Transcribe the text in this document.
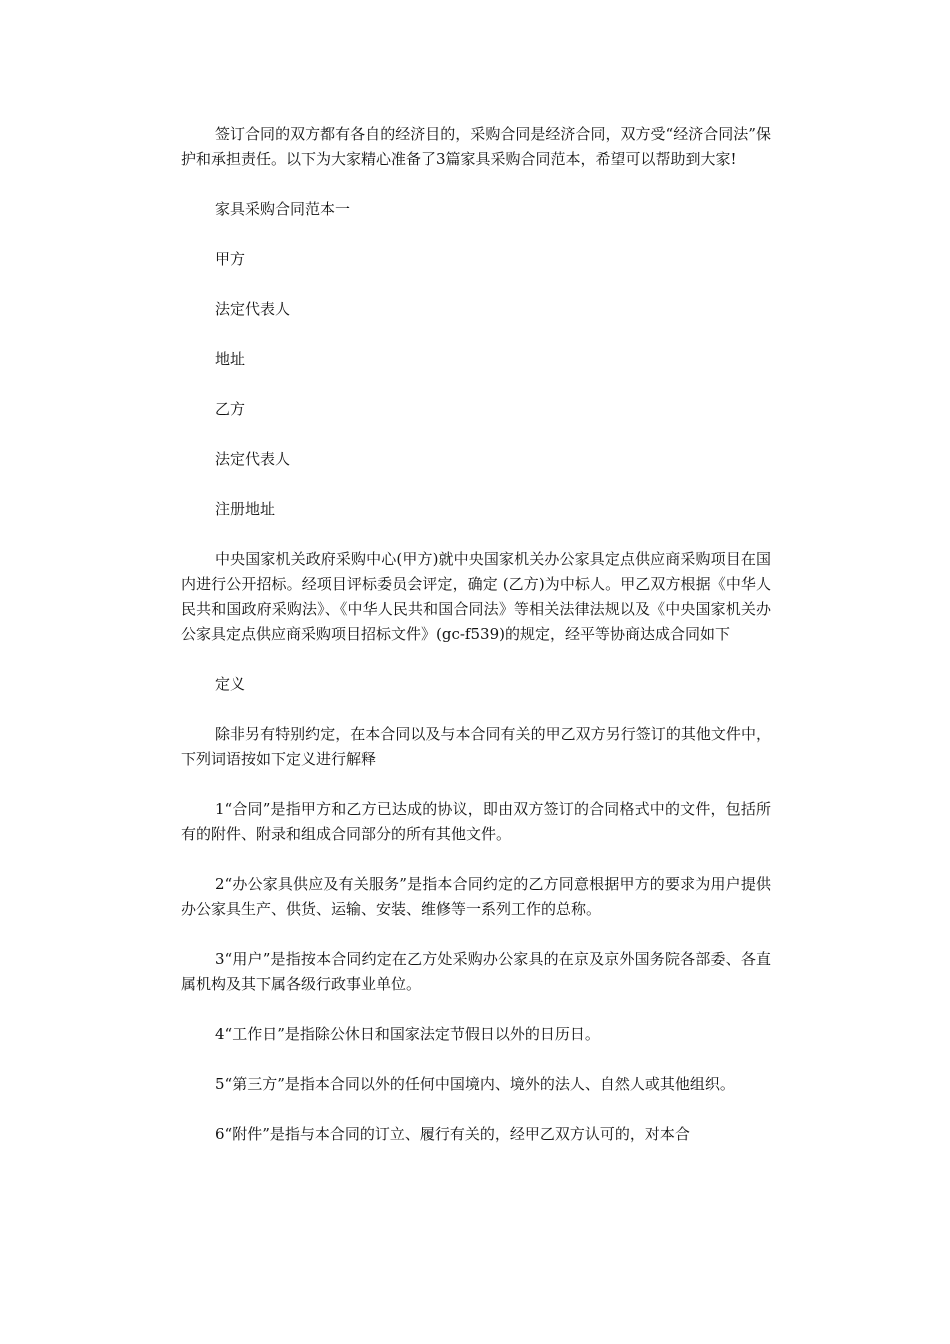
签订合同的双方都有各自的经济目的，采购合同是经济合同，双方受“经济合同法”保护和承担责任。以下为大家精心准备了3篇家具采购合同范本，希望可以帮助到大家!

家具采购合同范本一

甲方

法定代表人

地址

乙方

法定代表人

注册地址

中央国家机关政府采购中心(甲方)就中央国家机关办公家具定点供应商采购项目在国内进行公开招标。经项目评标委员会评定，确定 (乙方)为中标人。甲乙双方根据《中华人民共和国政府采购法》、《中华人民共和国合同法》等相关法律法规以及《中央国家机关办公家具定点供应商采购项目招标文件》(gc-f539)的规定，经平等协商达成合同如下

定义

除非另有特别约定，在本合同以及与本合同有关的甲乙双方另行签订的其他文件中，下列词语按如下定义进行解释

1“合同”是指甲方和乙方已达成的协议，即由双方签订的合同格式中的文件，包括所有的附件、附录和组成合同部分的所有其他文件。

2“办公家具供应及有关服务”是指本合同约定的乙方同意根据甲方的要求为用户提供办公家具生产、供货、运输、安装、维修等一系列工作的总称。

3“用户”是指按本合同约定在乙方处采购办公家具的在京及京外国务院各部委、各直属机构及其下属各级行政事业单位。

4“工作日”是指除公休日和国家法定节假日以外的日历日。

5“第三方”是指本合同以外的任何中国境内、境外的法人、自然人或其他组织。

6“附件”是指与本合同的订立、履行有关的，经甲乙双方认可的，对本合
